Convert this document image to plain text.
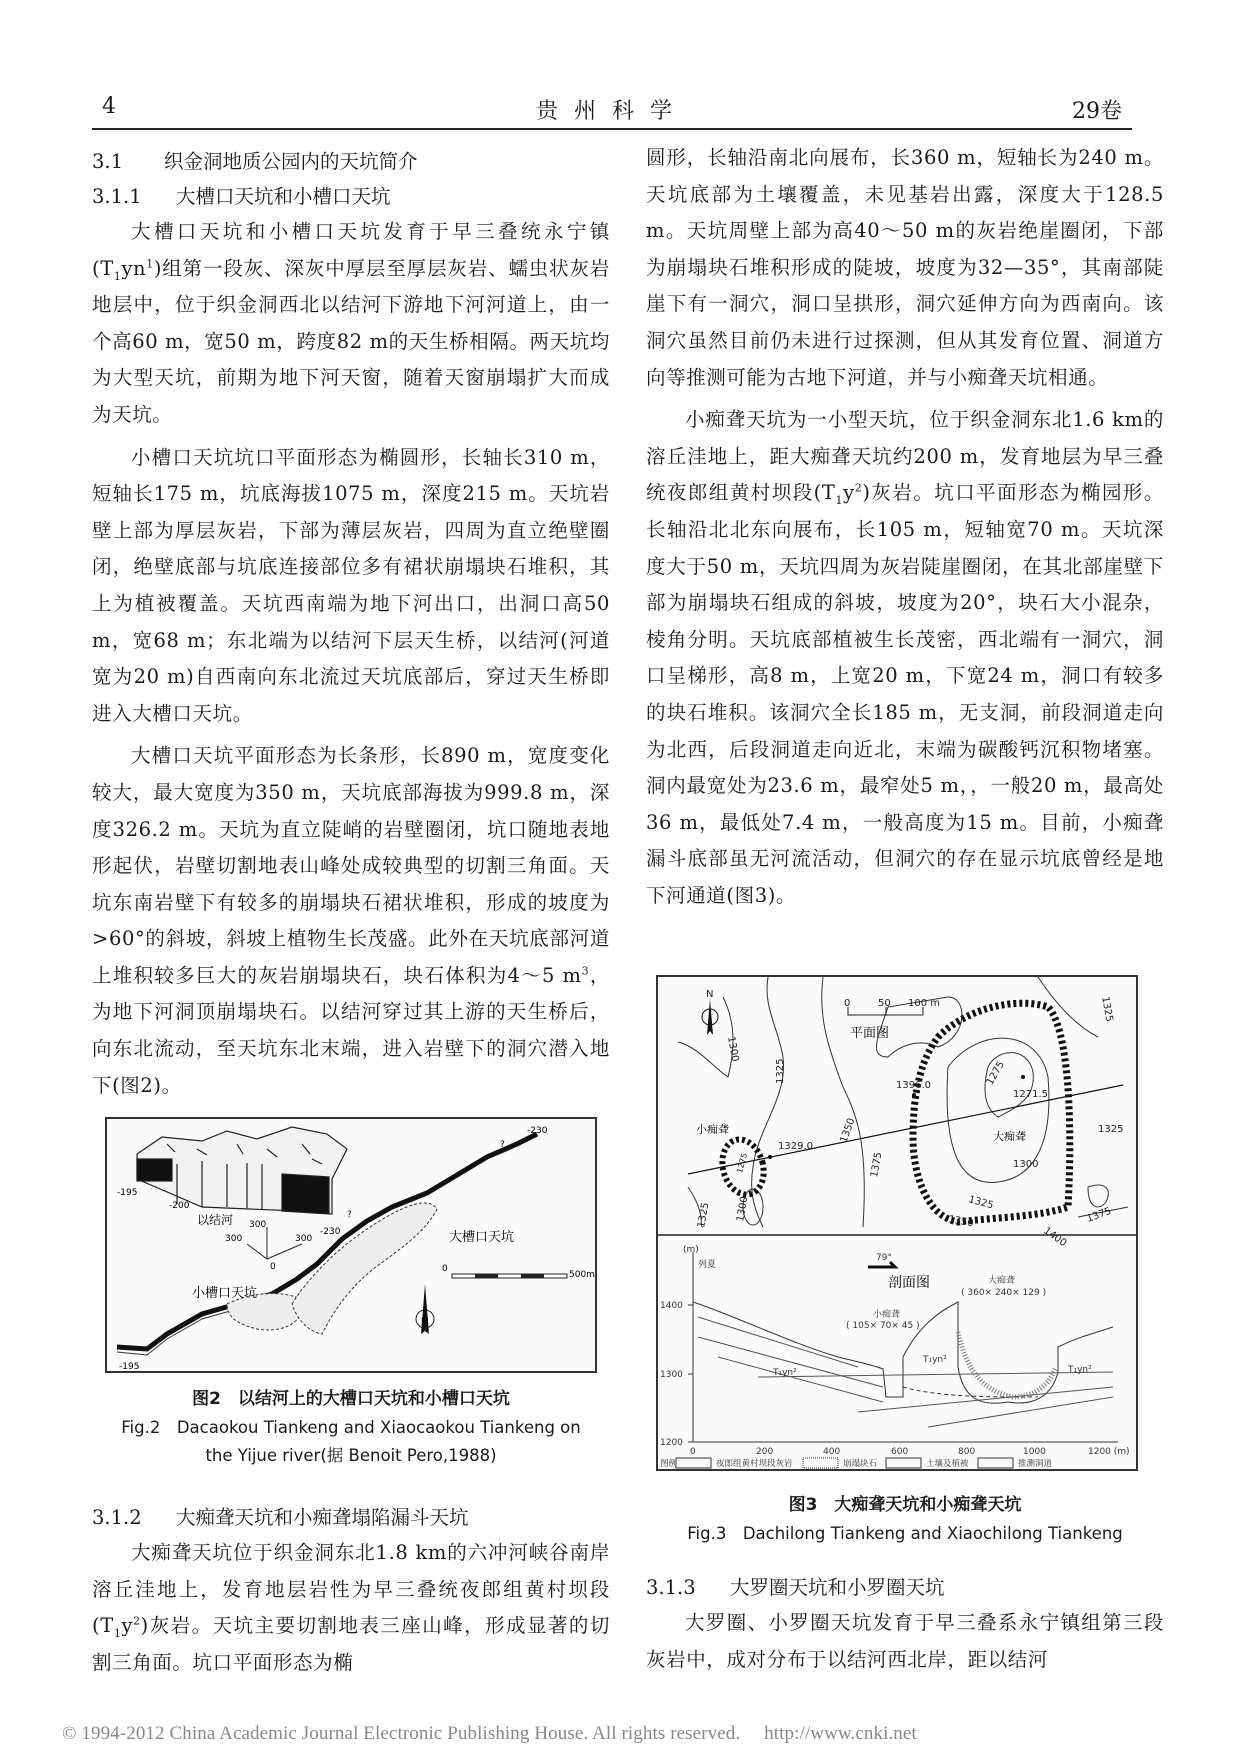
4	贵州科学	29卷
3.1 织金洞地质公园内的天坑简介
3.1.1 大槽口天坑和小槽口天坑

大槽口天坑和小槽口天坑发育于早三叠统永宁镇$(T_1yn^1)$组第一段灰、深灰中厚层至厚层灰岩、蠕虫状灰岩地层中，位于织金洞西北以结河下游地下河河道上，由一个高60 m，宽50 m，跨度82 m的天生桥相隔。两天坑均为大型天坑，前期为地下河天窗，随着天窗崩塌扩大而成为天坑。

小槽口天坑坑口平面形态为椭圆形，长轴长310 m，短轴长175 m，坑底海拔1075 m，深度215 m。天坑岩壁上部为厚层灰岩，下部为薄层灰岩，四周为直立绝壁圈闭，绝壁底部与坑底连接部位多有裙状崩塌块石堆积，其上为植被覆盖。天坑西南端为地下河出口，出洞口高50 m，宽68 m；东北端为以结河下层天生桥，以结河(河道宽为20 m)自西南向东北流过天坑底部后，穿过天生桥即进入大槽口天坑。

大槽口天坑平面形态为长条形，长890 m，宽度变化较大，最大宽度为350 m，天坑底部海拔为999.8 m，深度326.2 m。天坑为直立陡峭的岩壁圈闭，坑口随地表地形起伏，岩壁切割地表山峰处成较典型的切割三角面。天坑东南岩壁下有较多的崩塌块石裙状堆积，形成的坡度为>60°的斜坡，斜坡上植物生长茂盛。此外在天坑底部河道上堆积较多巨大的灰岩崩塌块石，块石体积为4～5 $m^3$，为地下河洞顶崩塌块石。以结河穿过其上游的天生桥后，向东北流动，至天坑东北末端，进入岩壁下的洞穴潜入地下(图2)。

-230
?
-195
-200
-230
?
以结河 300
300	300
0
大槽口天坑
小槽口天坑
0
500m
N
-195
图2　以结河上的大槽口天坑和小槽口天坑
Fig.2　Dacaokou Tiankeng and Xiaocaokou Tiankeng on
the Yijue river(据 Benoit Pero,1988)
3.1.2 大痴聋天坑和小痴聋塌陷漏斗天坑

大痴聋天坑位于织金洞东北1.8 km的六冲河峡谷南岸溶丘洼地上，发育地层岩性为早三叠统夜郎组黄村坝段$(T_1y^2)$灰岩。天坑主要切割地表三座山峰，形成显著的切割三角面。坑口平面形态为椭

圆形，长轴沿南北向展布，长360 m，短轴长为240 m。天坑底部为土壤覆盖，未见基岩出露，深度大于128.5 m。天坑周壁上部为高40～50 m的灰岩绝崖圈闭，下部为崩塌块石堆积形成的陡坡，坡度为32—35°，其南部陡崖下有一洞穴，洞口呈拱形，洞穴延伸方向为西南向。该洞穴虽然目前仍未进行过探测，但从其发育位置、洞道方向等推测可能为古地下河道，并与小痴聋天坑相通。

小痴聋天坑为一小型天坑，位于织金洞东北1.6 km的溶丘洼地上，距大痴聋天坑约200 m，发育地层为早三叠统夜郎组黄村坝段$(T_1y^2)$灰岩。坑口平面形态为椭园形。长轴沿北北东向展布，长105 m，短轴宽70 m。天坑深度大于50 m，天坑四周为灰岩陡崖圈闭，在其北部崖壁下部为崩塌块石组成的斜坡，坡度为20°，块石大小混杂，棱角分明。天坑底部植被生长茂密，西北端有一洞穴，洞口呈梯形，高8 m，上宽20 m，下宽24 m，洞口有较多的块石堆积。该洞穴全长185 m，无支洞，前段洞道走向为北西，后段洞道走向近北，末端为碳酸钙沉积物堵塞。洞内最宽处为23.6 m，最窄处5 m，，一般20 m，最高处36 m，最低处7.4 m，一般高度为15 m。目前，小痴聋漏斗底部虽无河流活动，但洞穴的存在显示坑底曾经是地下河通道(图3)。

N
1300
1325
1350
1375
1275
1300
1325
1350
1400
1375
1325
1325
1300
1325
0	50 100 m
1396.0
1271.5
1329.0
1275
平面图
小痴聋
大痴聋
(m)
列夏
79°
大痴聋
( 360× 240× 129 )
小痴聋
( 105× 70× 45 )
T₁yn²
T₁yn²
T₁yn²
1400
1300
1200
0	200	400	600	800	1000	1200 (m)
剖面图
图例	夜郎组黄村坝段灰岩	崩塌块石	土壤及植被	推测洞道
图3　大痴聋天坑和小痴聋天坑
Fig.3　Dachilong Tiankeng and Xiaochilong Tiankeng
3.1.3 大罗圈天坑和小罗圈天坑

大罗圈、小罗圈天坑发育于早三叠系永宁镇组第三段灰岩中，成对分布于以结河西北岸，距以结河

© 1994-2012 China Academic Journal Electronic Publishing House. All rights reserved.　 http://www.cnki.net
